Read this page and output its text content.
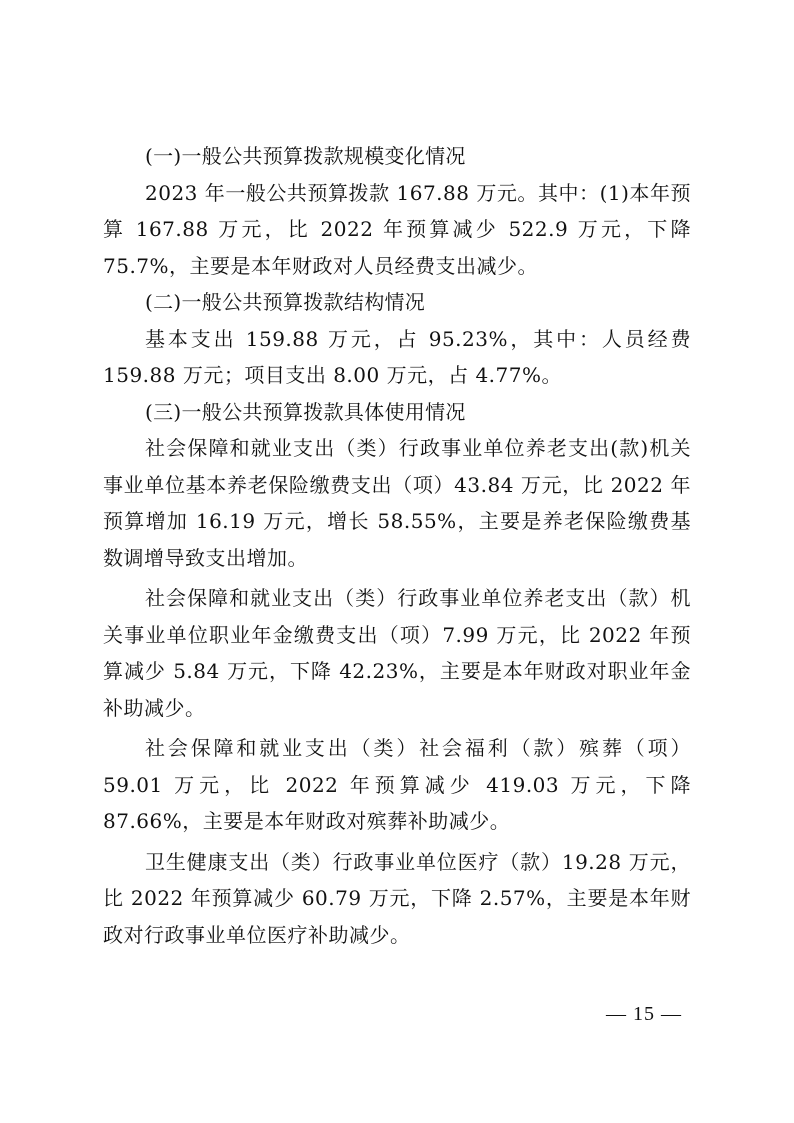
(一)一般公共预算拨款规模变化情况

2023 年一般公共预算拨款 167.88 万元。其中：(1)本年预算 167.88 万元，比 2022 年预算减少 522.9 万元，下降 75.7%，主要是本年财政对人员经费支出减少。

(二)一般公共预算拨款结构情况

基本支出 159.88 万元，占 95.23%，其中：人员经费 159.88 万元；项目支出 8.00 万元，占 4.77%。

(三)一般公共预算拨款具体使用情况

社会保障和就业支出（类）行政事业单位养老支出(款)机关事业单位基本养老保险缴费支出（项）43.84 万元，比 2022 年预算增加 16.19 万元，增长 58.55%，主要是养老保险缴费基数调增导致支出增加。

社会保障和就业支出（类）行政事业单位养老支出（款）机关事业单位职业年金缴费支出（项）7.99 万元，比 2022 年预算减少 5.84 万元，下降 42.23%，主要是本年财政对职业年金补助减少。

社会保障和就业支出（类）社会福利（款）殡葬（项）59.01 万元，比 2022 年预算减少 419.03 万元，下降 87.66%，主要是本年财政对殡葬补助减少。

卫生健康支出（类）行政事业单位医疗（款）19.28 万元，比 2022 年预算减少 60.79 万元，下降 2.57%，主要是本年财政对行政事业单位医疗补助减少。

— 15 —
